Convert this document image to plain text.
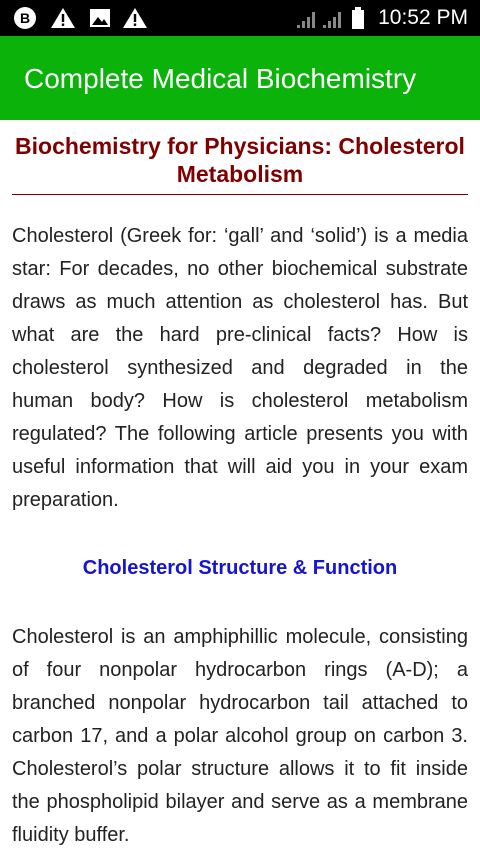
B	10:52 PM
Complete Medical Biochemistry
Biochemistry for Physicians: Cholesterol Metabolism

Cholesterol (Greek for: ‘gall’ and ‘solid’) is a media star: For decades, no other biochemical substrate draws as much attention as cholesterol has. But what are the hard pre-clinical facts? How is cholesterol synthesized and degraded in the human body? How is cholesterol metabolism regulated? The following article presents you with useful information that will aid you in your exam preparation.

Cholesterol Structure & Function

Cholesterol is an amphiphillic molecule, consisting of four nonpolar hydrocarbon rings (A-D); a branched nonpolar hydrocarbon tail attached to carbon 17, and a polar alcohol group on carbon 3. Cholesterol’s polar structure allows it to fit inside the phospholipid bilayer and serve as a membrane fluidity buffer.
